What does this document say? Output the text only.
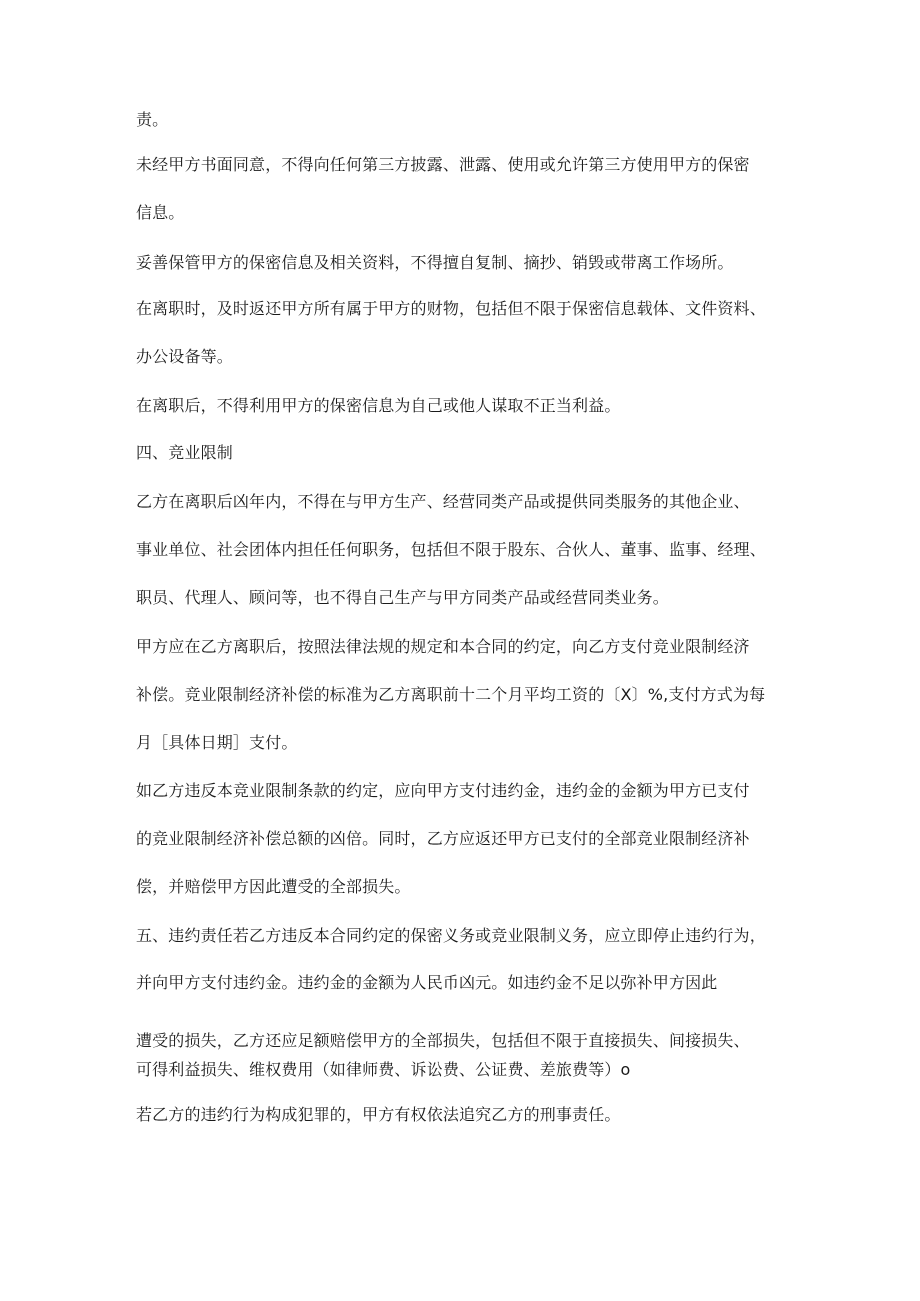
责。

未经甲方书面同意，不得向任何第三方披露、泄露、使用或允许第三方使用甲方的保密

信息。

妥善保管甲方的保密信息及相关资料，不得擅自复制、摘抄、销毁或带离工作场所。

在离职时，及时返还甲方所有属于甲方的财物，包括但不限于保密信息载体、文件资料、

办公设备等。

在离职后，不得利用甲方的保密信息为自己或他人谋取不正当利益。

四、竞业限制

乙方在离职后凶年内，不得在与甲方生产、经营同类产品或提供同类服务的其他企业、

事业单位、社会团体内担任任何职务，包括但不限于股东、合伙人、董事、监事、经理、

职员、代理人、顾问等，也不得自己生产与甲方同类产品或经营同类业务。

甲方应在乙方离职后，按照法律法规的规定和本合同的约定，向乙方支付竞业限制经济

补偿。竞业限制经济补偿的标准为乙方离职前十二个月平均工资的〔X〕%,支付方式为每

月［具体日期］支付。

如乙方违反本竞业限制条款的约定，应向甲方支付违约金，违约金的金额为甲方已支付

的竞业限制经济补偿总额的凶倍。同时，乙方应返还甲方已支付的全部竞业限制经济补

偿，并赔偿甲方因此遭受的全部损失。

五、违约责任若乙方违反本合同约定的保密义务或竞业限制义务，应立即停止违约行为，

并向甲方支付违约金。违约金的金额为人民币凶元。如违约金不足以弥补甲方因此

遭受的损失，乙方还应足额赔偿甲方的全部损失，包括但不限于直接损失、间接损失、

可得利益损失、维权费用（如律师费、诉讼费、公证费、差旅费等）o

若乙方的违约行为构成犯罪的，甲方有权依法追究乙方的刑事责任。
